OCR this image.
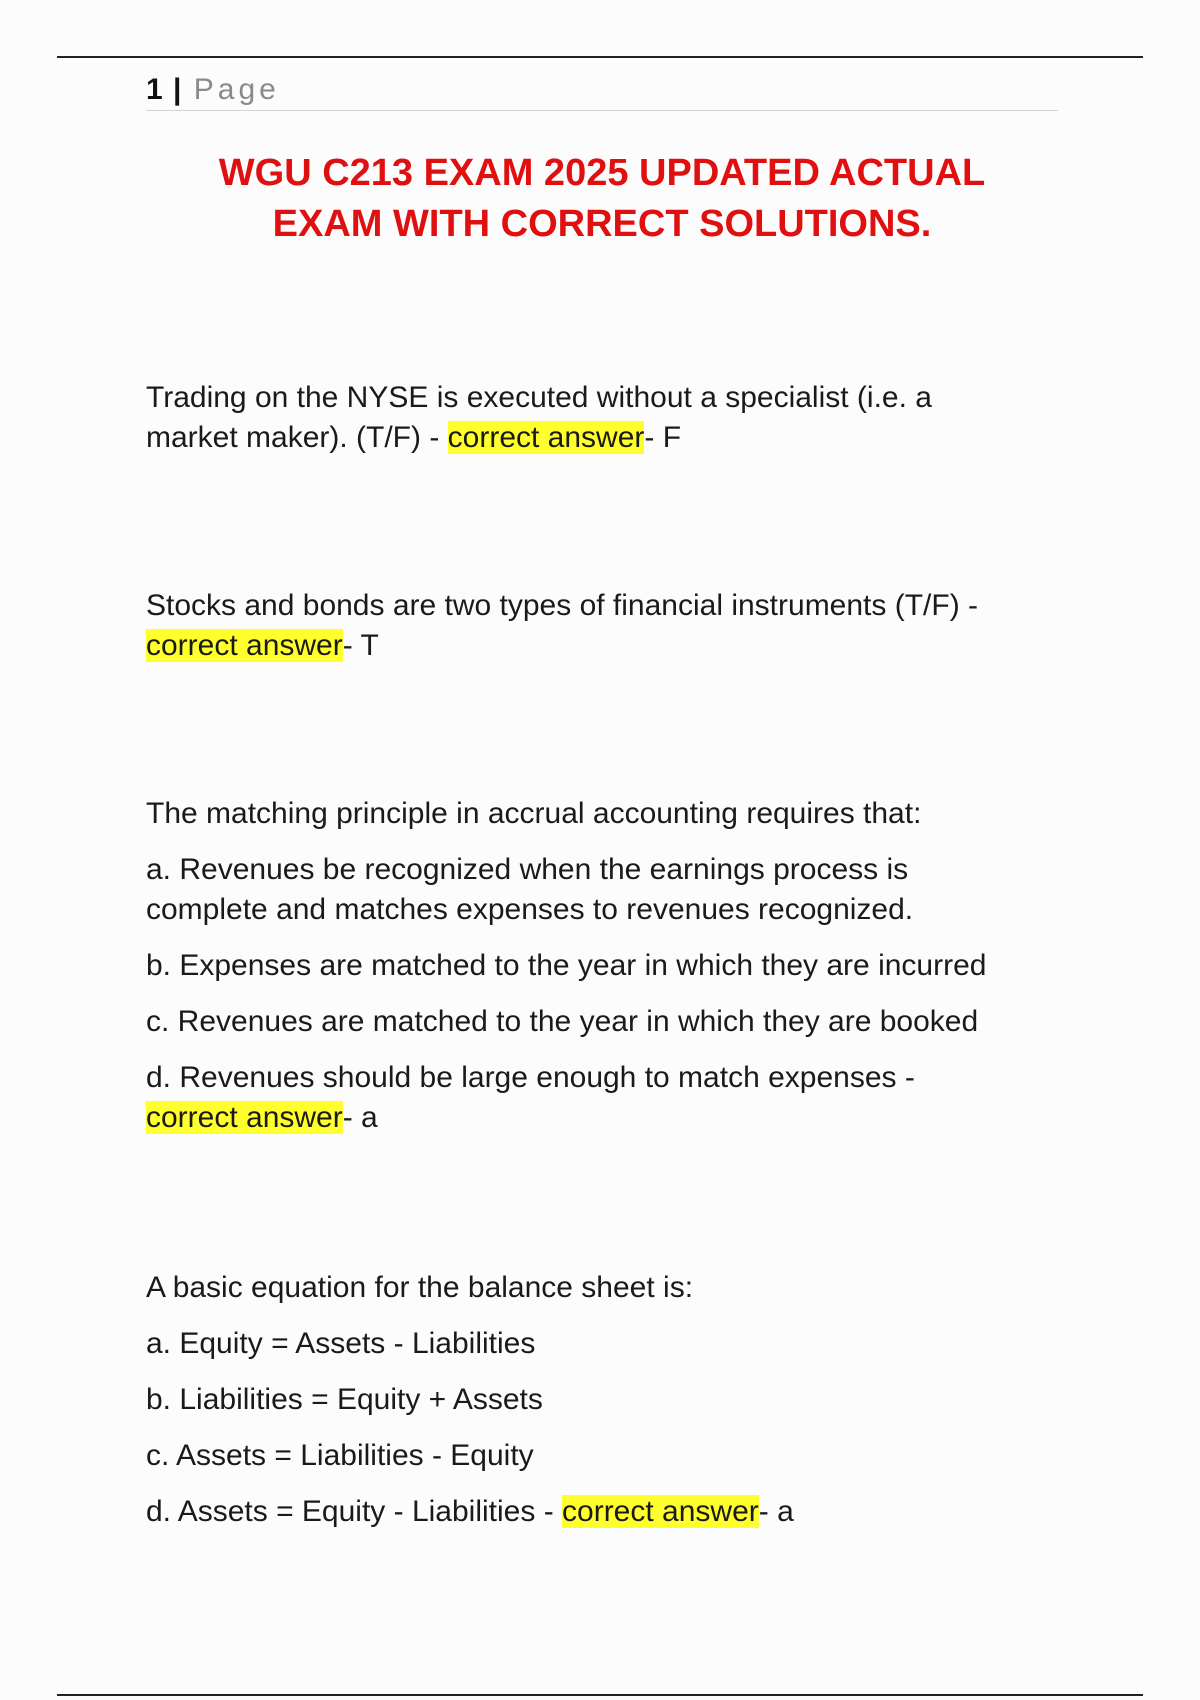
1 | Page
WGU C213 EXAM 2025 UPDATED ACTUAL
EXAM WITH CORRECT SOLUTIONS.

Trading on the NYSE is executed without a specialist (i.e. a
market maker). (T/F) - correct answer- F

Stocks and bonds are two types of financial instruments (T/F) -
correct answer- T

The matching principle in accrual accounting requires that:

a. Revenues be recognized when the earnings process is
complete and matches expenses to revenues recognized.

b. Expenses are matched to the year in which they are incurred

c. Revenues are matched to the year in which they are booked

d. Revenues should be large enough to match expenses -
correct answer- a

A basic equation for the balance sheet is:

a. Equity = Assets - Liabilities

b. Liabilities = Equity + Assets

c. Assets = Liabilities - Equity

d. Assets = Equity - Liabilities - correct answer- a
